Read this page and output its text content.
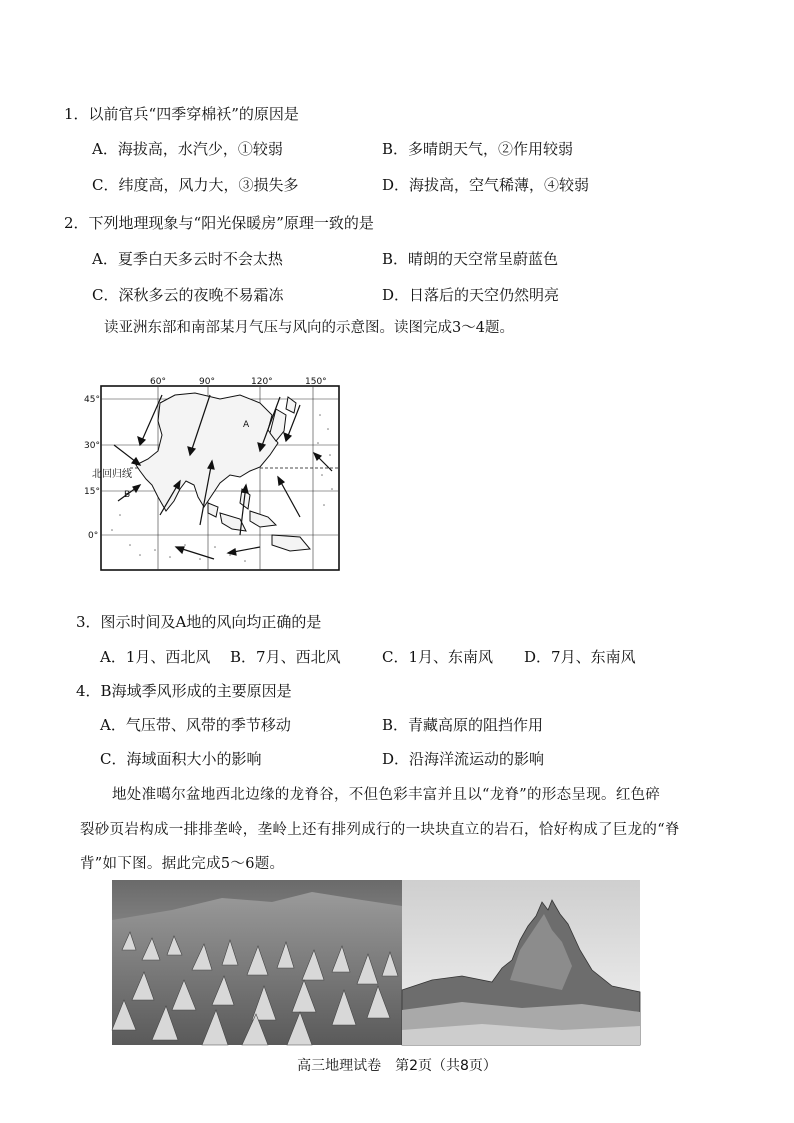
1．以前官兵“四季穿棉袄”的原因是
A．海拔高，水汽少，①较弱	B．多晴朗天气，②作用较弱
C．纬度高，风力大，③损失多	D．海拔高，空气稀薄，④较弱
2．下列地理现象与“阳光保暖房”原理一致的是
A．夏季白天多云时不会太热	B．晴朗的天空常呈蔚蓝色
C．深秋多云的夜晚不易霜冻	D．日落后的天空仍然明亮
读亚洲东部和南部某月气压与风向的示意图。读图完成3～4题。
60°	90°	120°	150°
45°
30°
15°
0°
A
B
北回归线
3．图示时间及A地的风向均正确的是
A．1月、西北风 B．7月、西北风	C．1月、东南风 D．7月、东南风
4．B海域季风形成的主要原因是
A．气压带、风带的季节移动	B．青藏高原的阻挡作用
C．海域面积大小的影响	D．沿海洋流运动的影响
地处准噶尔盆地西北边缘的龙脊谷，不但色彩丰富并且以“龙脊”的形态呈现。红色碎
裂砂页岩构成一排排垄岭，垄岭上还有排列成行的一块块直立的岩石，恰好构成了巨龙的“脊
背”如下图。据此完成5～6题。
高三地理试卷　第2页（共8页）
